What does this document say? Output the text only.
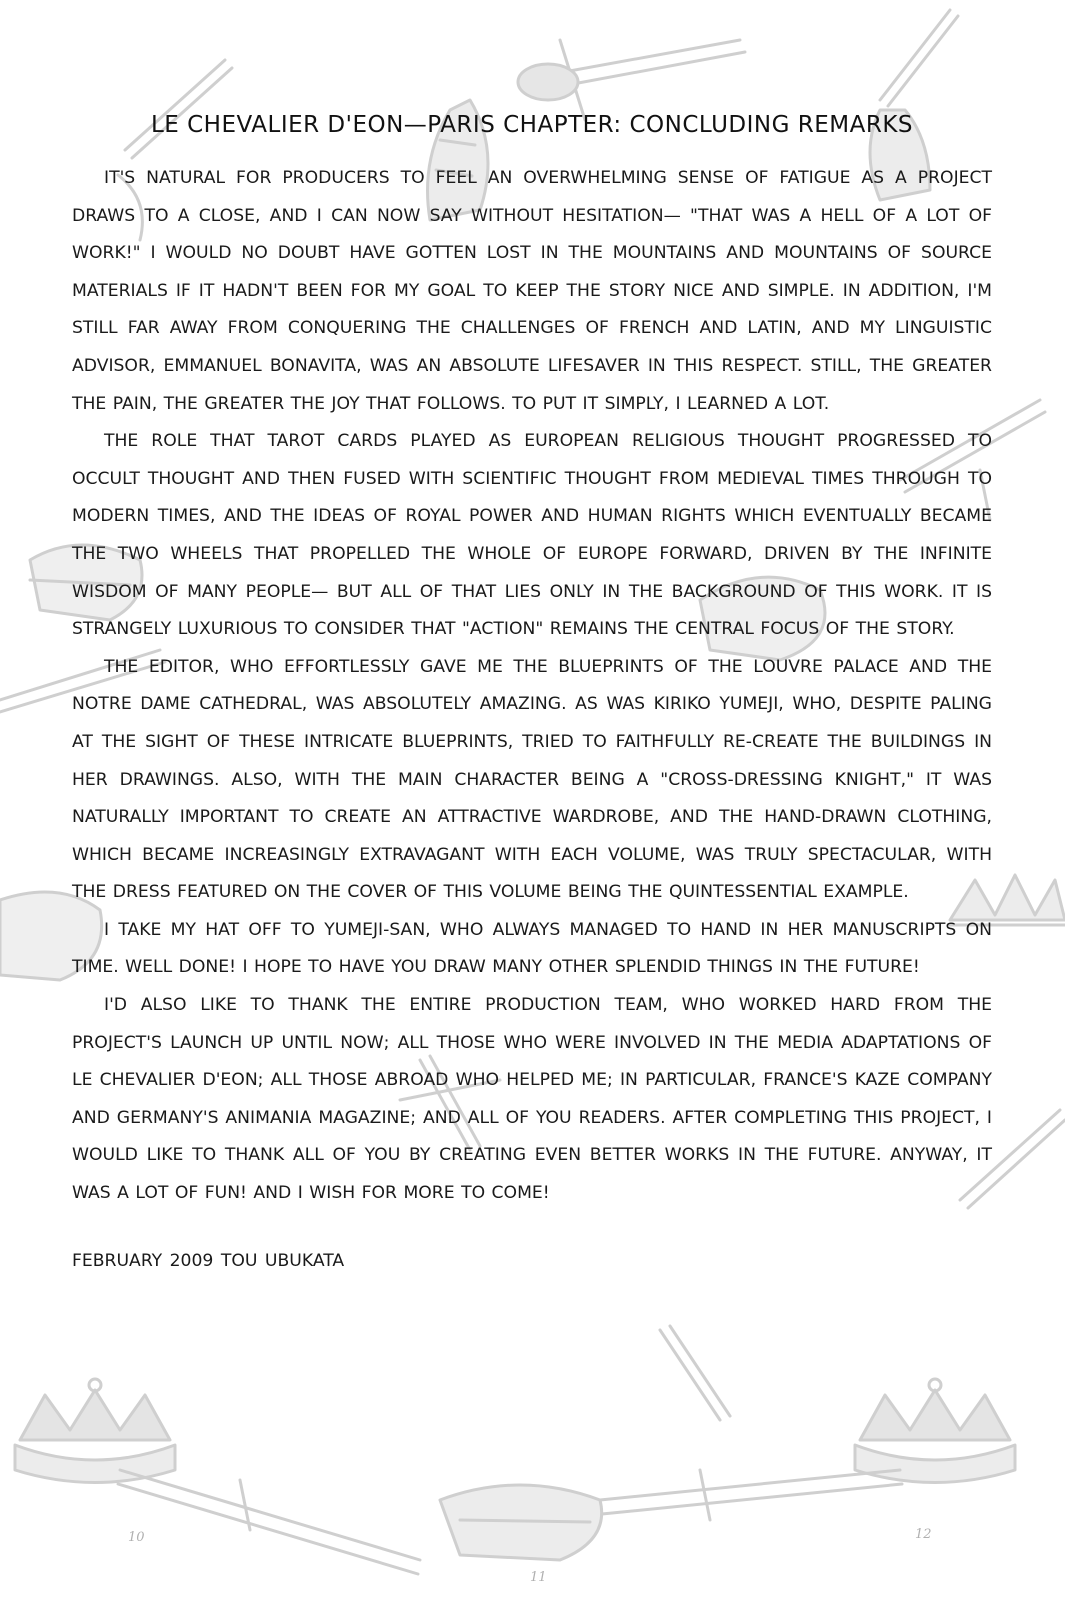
10
11
12
LE CHEVALIER D'EON—PARIS CHAPTER: CONCLUDING REMARKS

IT'S NATURAL FOR PRODUCERS TO FEEL AN OVERWHELMING SENSE OF FATIGUE AS A PROJECT DRAWS TO A CLOSE, AND I CAN NOW SAY WITHOUT HESITATION— "THAT WAS A HELL OF A LOT OF WORK!" I WOULD NO DOUBT HAVE GOTTEN LOST IN THE MOUNTAINS AND MOUNTAINS OF SOURCE MATERIALS IF IT HADN'T BEEN FOR MY GOAL TO KEEP THE STORY NICE AND SIMPLE. IN ADDITION, I'M STILL FAR AWAY FROM CONQUERING THE CHALLENGES OF FRENCH AND LATIN, AND MY LINGUISTIC ADVISOR, EMMANUEL BONAVITA, WAS AN ABSOLUTE LIFESAVER IN THIS RESPECT. STILL, THE GREATER THE PAIN, THE GREATER THE JOY THAT FOLLOWS. TO PUT IT SIMPLY, I LEARNED A LOT.

THE ROLE THAT TAROT CARDS PLAYED AS EUROPEAN RELIGIOUS THOUGHT PROGRESSED TO OCCULT THOUGHT AND THEN FUSED WITH SCIENTIFIC THOUGHT FROM MEDIEVAL TIMES THROUGH TO MODERN TIMES, AND THE IDEAS OF ROYAL POWER AND HUMAN RIGHTS WHICH EVENTUALLY BECAME THE TWO WHEELS THAT PROPELLED THE WHOLE OF EUROPE FORWARD, DRIVEN BY THE INFINITE WISDOM OF MANY PEOPLE— BUT ALL OF THAT LIES ONLY IN THE BACKGROUND OF THIS WORK. IT IS STRANGELY LUXURIOUS TO CONSIDER THAT "ACTION" REMAINS THE CENTRAL FOCUS OF THE STORY.

THE EDITOR, WHO EFFORTLESSLY GAVE ME THE BLUEPRINTS OF THE LOUVRE PALACE AND THE NOTRE DAME CATHEDRAL, WAS ABSOLUTELY AMAZING. AS WAS KIRIKO YUMEJI, WHO, DESPITE PALING AT THE SIGHT OF THESE INTRICATE BLUEPRINTS, TRIED TO FAITHFULLY RE-CREATE THE BUILDINGS IN HER DRAWINGS. ALSO, WITH THE MAIN CHARACTER BEING A "CROSS-DRESSING KNIGHT," IT WAS NATURALLY IMPORTANT TO CREATE AN ATTRACTIVE WARDROBE, AND THE HAND-DRAWN CLOTHING, WHICH BECAME INCREASINGLY EXTRAVAGANT WITH EACH VOLUME, WAS TRULY SPECTACULAR, WITH THE DRESS FEATURED ON THE COVER OF THIS VOLUME BEING THE QUINTESSENTIAL EXAMPLE.

I TAKE MY HAT OFF TO YUMEJI-SAN, WHO ALWAYS MANAGED TO HAND IN HER MANUSCRIPTS ON TIME. WELL DONE! I HOPE TO HAVE YOU DRAW MANY OTHER SPLENDID THINGS IN THE FUTURE!

I'D ALSO LIKE TO THANK THE ENTIRE PRODUCTION TEAM, WHO WORKED HARD FROM THE PROJECT'S LAUNCH UP UNTIL NOW; ALL THOSE WHO WERE INVOLVED IN THE MEDIA ADAPTATIONS OF LE CHEVALIER D'EON; ALL THOSE ABROAD WHO HELPED ME; IN PARTICULAR, FRANCE'S KAZE COMPANY AND GERMANY'S ANIMANIA MAGAZINE; AND ALL OF YOU READERS. AFTER COMPLETING THIS PROJECT, I WOULD LIKE TO THANK ALL OF YOU BY CREATING EVEN BETTER WORKS IN THE FUTURE. ANYWAY, IT WAS A LOT OF FUN! AND I WISH FOR MORE TO COME!

FEBRUARY 2009 TOU UBUKATA
